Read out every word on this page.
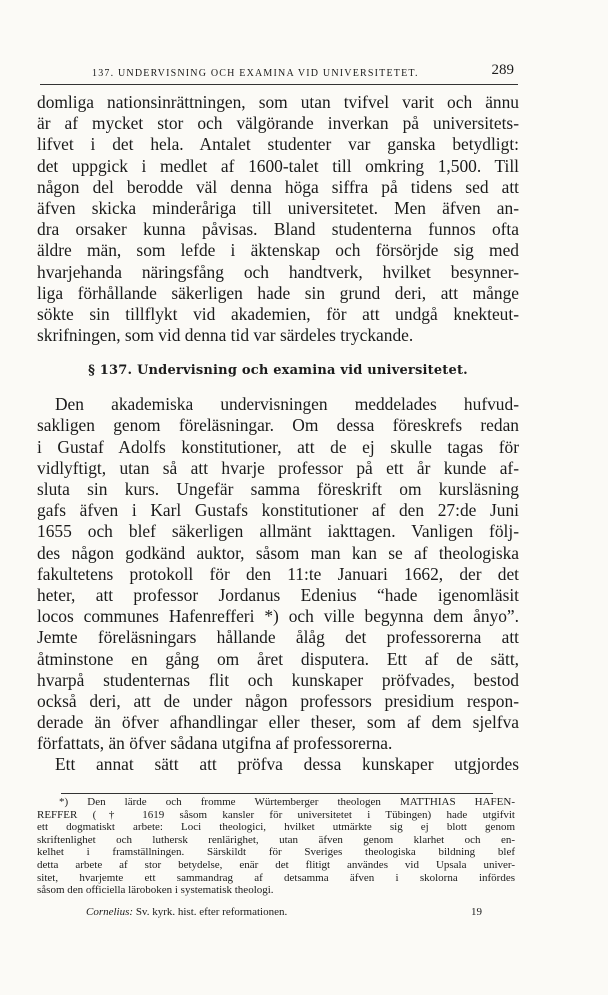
137. UNDERVISNING OCH EXAMINA VID UNIVERSITETET.	289
domliga nationsinrättningen, som utan tvifvel varit och ännu
är af mycket stor och välgörande inverkan på universitets-
lifvet i det hela. Antalet studenter var ganska betydligt:
det uppgick i medlet af 1600-talet till omkring 1,500. Till
någon del berodde väl denna höga siffra på tidens sed att
äfven skicka minderåriga till universitetet. Men äfven an-
dra orsaker kunna påvisas. Bland studenterna funnos ofta
äldre män, som lefde i äktenskap och försörjde sig med
hvarjehanda näringsfång och handtverk, hvilket besynner-
liga förhållande säkerligen hade sin grund deri, att månge
sökte sin tillflykt vid akademien, för att undgå knekteut-
skrifningen, som vid denna tid var särdeles tryckande.
§ 137. Undervisning och examina vid universitetet.
Den akademiska undervisningen meddelades hufvud-
sakligen genom föreläsningar. Om dessa föreskrefs redan
i Gustaf Adolfs konstitutioner, att de ej skulle tagas för
vidlyftigt, utan så att hvarje professor på ett år kunde af-
sluta sin kurs. Ungefär samma föreskrift om kursläsning
gafs äfven i Karl Gustafs konstitutioner af den 27:de Juni
1655 och blef säkerligen allmänt iakttagen. Vanligen följ-
des någon godkänd auktor, såsom man kan se af theologiska
fakultetens protokoll för den 11:te Januari 1662, der det
heter, att professor Jordanus Edenius “hade igenomläsit
locos communes Hafenrefferi *) och ville begynna dem ånyo”.
Jemte föreläsningars hållande ålåg det professorerna att
åtminstone en gång om året disputera. Ett af de sätt,
hvarpå studenternas flit och kunskaper pröfvades, bestod
också deri, att de under någon professors presidium respon-
derade än öfver afhandlingar eller theser, som af dem sjelfva
författats, än öfver sådana utgifna af professorerna.
Ett annat sätt att pröfva dessa kunskaper utgjordes
*) Den lärde och fromme Würtemberger theologen MATTHIAS HAFEN-
REFFER († 1619 såsom kansler för universitetet i Tübingen) hade utgifvit
ett dogmatiskt arbete: Loci theologici, hvilket utmärkte sig ej blott genom
skriftenlighet och luthersk renlärighet, utan äfven genom klarhet och en-
kelhet i framställningen. Särskildt för Sveriges theologiska bildning blef
detta arbete af stor betydelse, enär det flitigt användes vid Upsala univer-
sitet, hvarjemte ett sammandrag af detsamma äfven i skolorna infördes
såsom den officiella läroboken i systematisk theologi.
Cornelius: Sv. kyrk. hist. efter reformationen.	19
